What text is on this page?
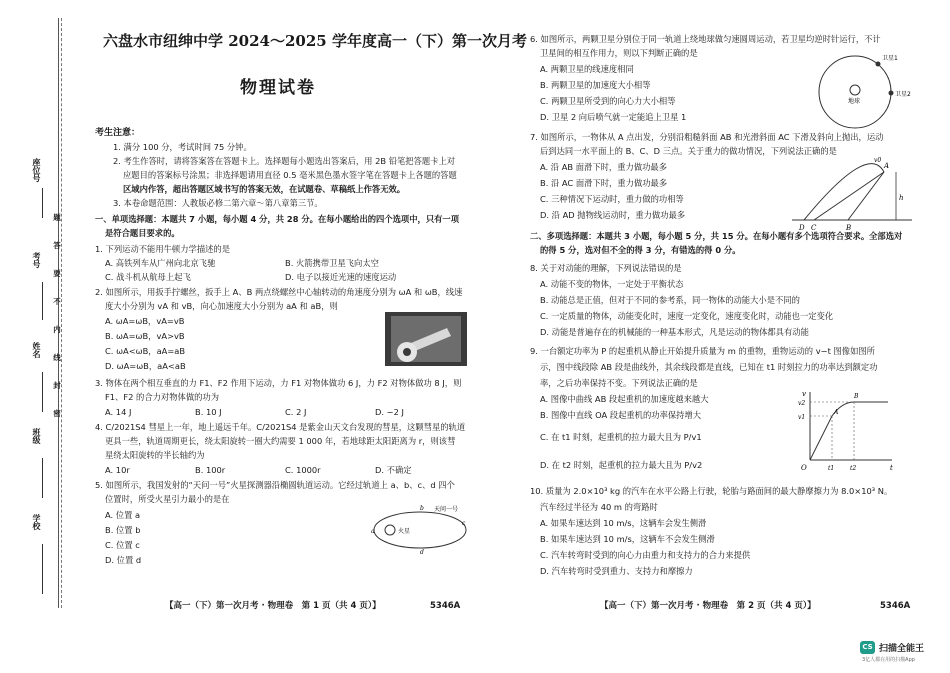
座位号
考号
姓名
班级
学校
题
答
要
不
内
线
封
密
六盘水市纽绅中学 2024～2025 学年度高一（下）第一次月考
物理试卷
考生注意：
1. 满分 100 分，考试时间 75 分钟。
2. 考生作答时，请将答案答在答题卡上。选择题每小题选出答案后，用 2B 铅笔把答题卡上对
应题目的答案标号涂黑；非选择题请用直径 0.5 毫米黑色墨水签字笔在答题卡上各题的答题
区域内作答，超出答题区域书写的答案无效，在试题卷、草稿纸上作答无效。
3. 本卷命题范围：人教版必修二第六章～第八章第三节。
一、单项选择题：本题共 7 小题，每小题 4 分，共 28 分。在每小题给出的四个选项中，只有一项
是符合题目要求的。
1. 下列运动不能用牛顿力学描述的是
A. 高铁列车从广州向北京飞驰	B. 火箭携带卫星飞向太空
C. 战斗机从航母上起飞	D. 电子以接近光速的速度运动
2. 如图所示，用扳手拧螺丝，扳手上 A、B 两点绕螺丝中心轴转动的角速度分别为 ωA 和 ωB，线速
度大小分别为 vA 和 vB，向心加速度大小分别为 aA 和 aB，则
A. ωA=ωB，vA=vB
B. ωA=ωB，vA>vB
C. ωA<ωB，aA=aB
D. ωA=ωB，aA<aB
3. 物体在两个相互垂直的力 F1、F2 作用下运动，力 F1 对物体做功 6 J，力 F2 对物体做功 8 J，则
F1、F2 的合力对物体做的功为
A. 14 J	B. 10 J	C. 2 J	D. −2 J
4. C/2021S4 彗星上一年，地上遥远千年。C/2021S4 是紫金山天文台发现的彗星，这颗彗星的轨道
更具一些，轨道周期更长，绕太阳旋转一圈大约需要 1 000 年，若地球距太阳距离为 r，则该彗
星绕太阳旋转的半长轴约为
A. 10r	B. 100r	C. 1000r	D. 不确定
5. 如图所示，我国发射的“天问一号”火星探测器沿椭圆轨道运动。它经过轨道上 a、b、c、d 四个
位置时，所受火星引力最小的是在
A. 位置 a
B. 位置 b
C. 位置 c
D. 位置 d
火星
天问一号
a
b
c
d
【高一（下）第一次月考 · 物理卷　第 1 页（共 4 页）】	5346A
6. 如图所示，两颗卫星分别位于同一轨道上绕地球做匀速圆周运动，若卫星均逆时针运行，不计
卫星间的相互作用力，则以下判断正确的是
A. 两颗卫星的线速度相同
B. 两颗卫星的加速度大小相等
C. 两颗卫星所受到的向心力大小相等
D. 卫星 2 向后喷气就一定能追上卫星 1
地球
卫星1
卫星2
7. 如图所示，一物体从 A 点出发，分别沿粗糙斜面 AB 和光滑斜面 AC 下滑及斜向上抛出，运动
后到达同一水平面上的 B、C、D 三点。关于重力的做功情况，下列说法正确的是
A. 沿 AB 面滑下时，重力做功最多
B. 沿 AC 面滑下时，重力做功最多
C. 三种情况下运动时，重力做的功相等
D. 沿 AD 抛物线运动时，重力做功最多
D C	B
A
v0
h
二、多项选择题：本题共 3 小题，每小题 5 分，共 15 分。在每小题有多个选项符合要求。全部选对
的得 5 分，选对但不全的得 3 分，有错选的得 0 分。
8. 关于对动能的理解，下列说法错误的是
A. 动能不变的物体，一定处于平衡状态
B. 动能总是正值，但对于不同的参考系，同一物体的动能大小是不同的
C. 一定质量的物体，动能变化时，速度一定变化，速度变化时，动能也一定变化
D. 动能是普遍存在的机械能的一种基本形式，凡是运动的物体都具有动能
9. 一台额定功率为 P 的起重机从静止开始提升质量为 m 的重物，重物运动的 v−t 图像如图所
示，图中线段除 AB 段是曲线外，其余线段都是直线，已知在 t1 时刻拉力的功率达到额定功
率，之后功率保持不变。下列说法正确的是
A. 图像中曲线 AB 段起重机的加速度越来越大
B. 图像中直线 OA 段起重机的功率保持增大
C. 在 t1 时刻，起重机的拉力最大且为 P/v1
D. 在 t2 时刻，起重机的拉力最大且为 P/v2
v
t
O	t1	t2
v1
v2
A
B
10. 质量为 2.0×10³ kg 的汽车在水平公路上行驶，轮胎与路面间的最大静摩擦力为 8.0×10³ N。
汽车经过半径为 40 m 的弯路时
A. 如果车速达到 10 m/s，这辆车会发生侧滑
B. 如果车速达到 10 m/s，这辆车不会发生侧滑
C. 汽车转弯时受到的向心力由重力和支持力的合力来提供
D. 汽车转弯时受到重力、支持力和摩擦力
【高一（下）第一次月考 · 物理卷　第 2 页（共 4 页）】	5346A
CS 扫描全能王
3亿人都在用的扫描App
